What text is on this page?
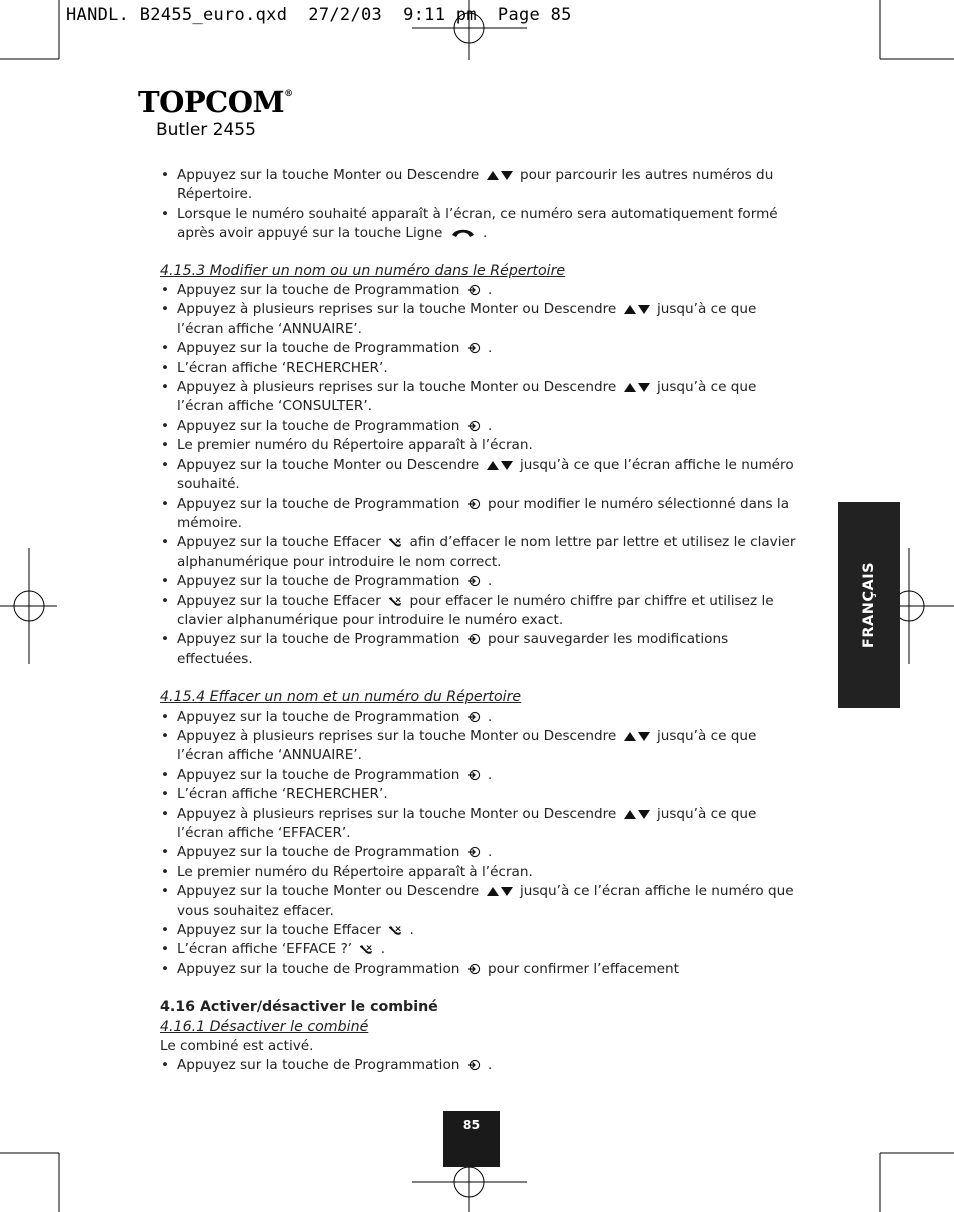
HANDL. B2455_euro.qxd  27/2/03  9:11 pm  Page 85
TOPCOM®
Butler 2455
• Appuyez sur la touche Monter ou Descendre	pour parcourir les autres numéros du Répertoire.
• Lorsque le numéro souhaité apparaît à l’écran, ce numéro sera automatiquement formé après avoir appuyé sur la touche Ligne	.

4.15.3 Modifier un nom ou un numéro dans le Répertoire

• Appuyez sur la touche de Programmation .
• Appuyez à plusieurs reprises sur la touche Monter ou Descendre	jusqu’à ce que l’écran affiche ‘ANNUAIRE’.
• Appuyez sur la touche de Programmation .
• L’écran affiche ‘RECHERCHER’.
• Appuyez à plusieurs reprises sur la touche Monter ou Descendre	jusqu’à ce que l’écran affiche ‘CONSULTER’.
• Appuyez sur la touche de Programmation .
• Le premier numéro du Répertoire apparaît à l’écran.
• Appuyez sur la touche Monter ou Descendre	jusqu’à ce que l’écran affiche le numéro souhaité.
• Appuyez sur la touche de Programmation pour modifier le numéro sélectionné dans la mémoire.
• Appuyez sur la touche Effacer afin d’effacer le nom lettre par lettre et utilisez le clavier alphanumérique pour introduire le nom correct.
• Appuyez sur la touche de Programmation .
• Appuyez sur la touche Effacer pour effacer le numéro chiffre par chiffre et utilisez le clavier alphanumérique pour introduire le numéro exact.
• Appuyez sur la touche de Programmation pour sauvegarder les modifications effectuées.

4.15.4 Effacer un nom et un numéro du Répertoire

• Appuyez sur la touche de Programmation .
• Appuyez à plusieurs reprises sur la touche Monter ou Descendre	jusqu’à ce que l’écran affiche ‘ANNUAIRE’.
• Appuyez sur la touche de Programmation .
• L’écran affiche ‘RECHERCHER’.
• Appuyez à plusieurs reprises sur la touche Monter ou Descendre	jusqu’à ce que l’écran affiche ‘EFFACER’.
• Appuyez sur la touche de Programmation .
• Le premier numéro du Répertoire apparaît à l’écran.
• Appuyez sur la touche Monter ou Descendre	jusqu’à ce l’écran affiche le numéro que vous souhaitez effacer.
• Appuyez sur la touche Effacer .
• L’écran affiche ‘EFFACE ?’ .
• Appuyez sur la touche de Programmation pour confirmer l’effacement
4.16 Activer/désactiver le combiné

4.16.1 Désactiver le combiné

Le combiné est activé.

• Appuyez sur la touche de Programmation .
FRANÇAIS
85
